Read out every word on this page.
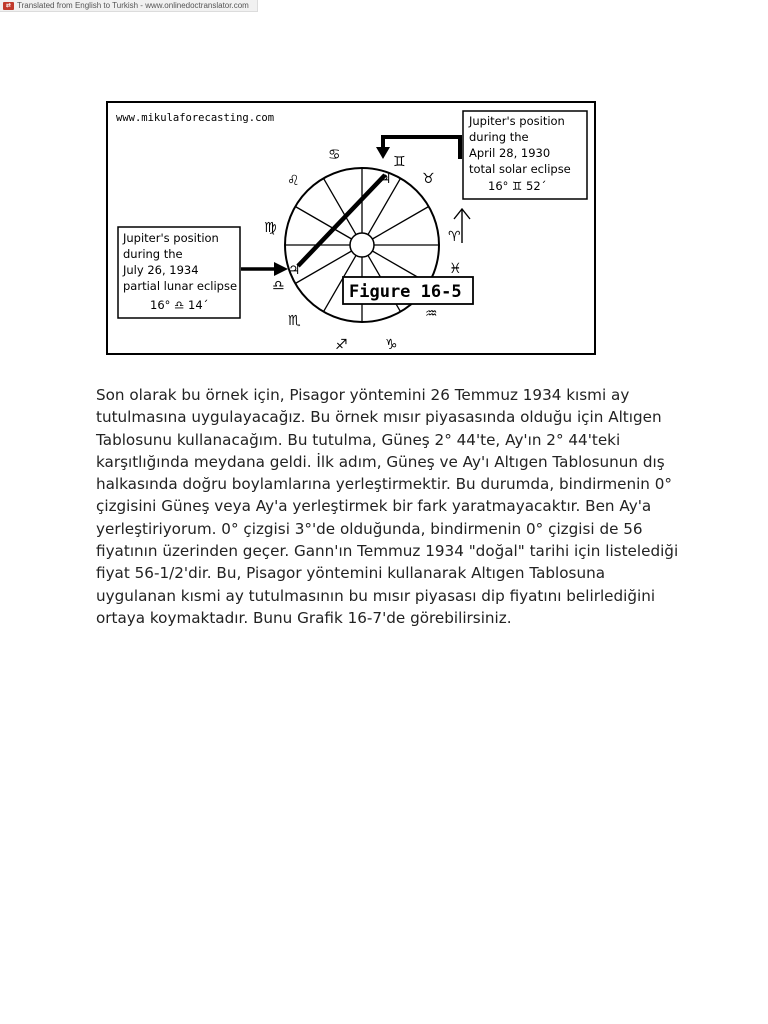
⇄ Translated from English to Turkish - www.onlinedoctranslator.com
www.mikulaforecasting.com
♃
♃
♋	♊
♉
♌
♍
♈
♓
♎
♒
♏
♐	♑
Jupiter's position during the April 28, 1930 total solar eclipse 16° ♊ 52´
Jupiter's position during the July 26, 1934 partial lunar eclipse 16° ♎ 14´
Figure 16-5
Son olarak bu örnek için, Pisagor yöntemini 26 Temmuz 1934 kısmi ay
tutulmasına uygulayacağız. Bu örnek mısır piyasasında olduğu için Altıgen
Tablosunu kullanacağım. Bu tutulma, Güneş 2° 44'te, Ay'ın 2° 44'teki
karşıtlığında meydana geldi. İlk adım, Güneş ve Ay'ı Altıgen Tablosunun dış
halkasında doğru boylamlarına yerleştirmektir. Bu durumda, bindirmenin 0°
çizgisini Güneş veya Ay'a yerleştirmek bir fark yaratmayacaktır. Ben Ay'a
yerleştiriyorum. 0° çizgisi 3°'de olduğunda, bindirmenin 0° çizgisi de 56
fiyatının üzerinden geçer. Gann'ın Temmuz 1934 "doğal" tarihi için listelediği
fiyat 56-1/2'dir. Bu, Pisagor yöntemini kullanarak Altıgen Tablosuna
uygulanan kısmi ay tutulmasının bu mısır piyasası dip fiyatını belirlediğini
ortaya koymaktadır. Bunu Grafik 16-7'de görebilirsiniz.
